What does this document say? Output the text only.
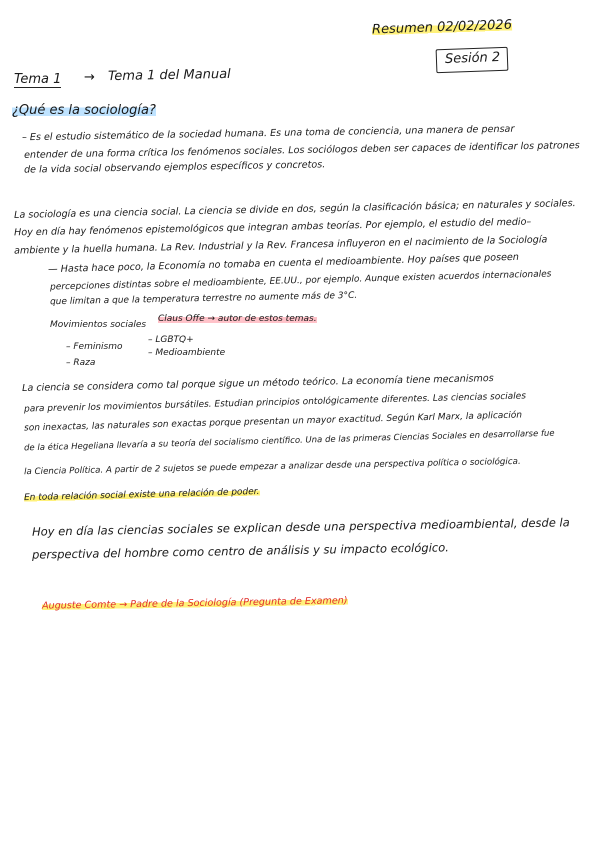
Resumen 02/02/2026
Sesión 2
Tema 1 → Tema 1 del Manual
¿Qué es la sociología?
– Es el estudio sistemático de la sociedad humana. Es una toma de conciencia, una manera de pensar
entender de una forma crítica los fenómenos sociales. Los sociólogos deben ser capaces de identificar los patrones
de la vida social observando ejemplos específicos y concretos.
La sociología es una ciencia social. La ciencia se divide en dos, según la clasificación básica; en naturales y sociales.
Hoy en día hay fenómenos epistemológicos que integran ambas teorías. Por ejemplo, el estudio del medio–
ambiente y la huella humana. La Rev. Industrial y la Rev. Francesa influyeron en el nacimiento de la Sociología
— Hasta hace poco, la Economía no tomaba en cuenta el medioambiente. Hoy países que poseen
percepciones distintas sobre el medioambiente, EE.UU., por ejemplo. Aunque existen acuerdos internacionales
que limitan a que la temperatura terrestre no aumente más de 3°C.
Movimientos sociales
Claus Offe → autor de estos temas.
– Feminismo
– Raza
– LGBTQ+
– Medioambiente
La ciencia se considera como tal porque sigue un método teórico. La economía tiene mecanismos
para prevenir los movimientos bursátiles. Estudian principios ontológicamente diferentes. Las ciencias sociales
son inexactas, las naturales son exactas porque presentan un mayor exactitud. Según Karl Marx, la aplicación
de la ética Hegeliana llevaría a su teoría del socialismo científico. Una de las primeras Ciencias Sociales en desarrollarse fue
la Ciencia Política. A partir de 2 sujetos se puede empezar a analizar desde una perspectiva política o sociológica.
En toda relación social existe una relación de poder.
Hoy en día las ciencias sociales se explican desde una perspectiva medioambiental, desde la
perspectiva del hombre como centro de análisis y su impacto ecológico.
Auguste Comte → Padre de la Sociología (Pregunta de Examen)
